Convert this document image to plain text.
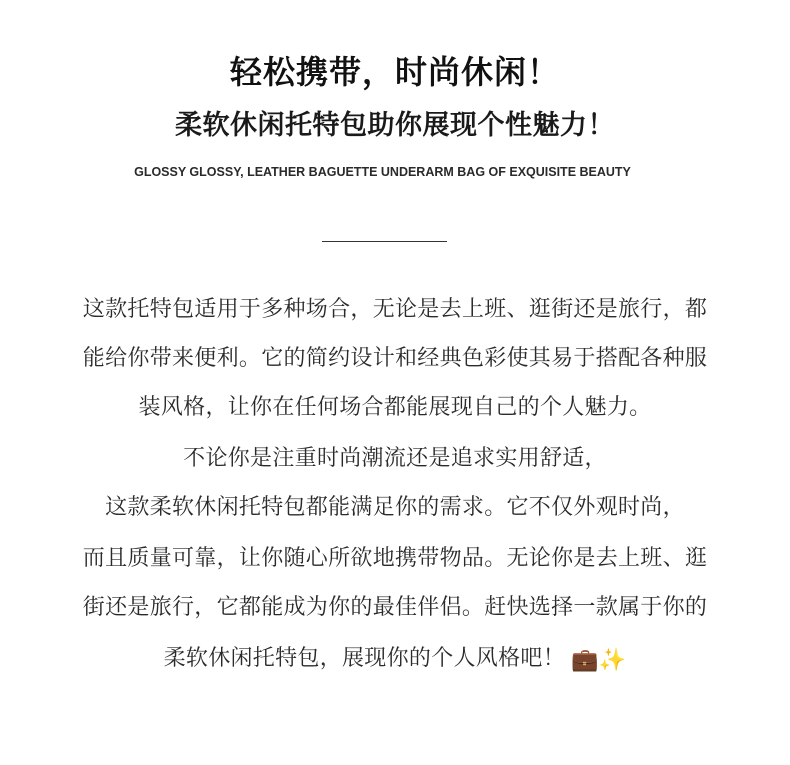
轻松携带，时尚休闲！
柔软休闲托特包助你展现个性魅力！
GLOSSY GLOSSY, LEATHER BAGUETTE UNDERARM BAG OF EXQUISITE BEAUTY
这款托特包适用于多种场合，无论是去上班、逛街还是旅行，都
能给你带来便利。它的简约设计和经典色彩使其易于搭配各种服
装风格，让你在任何场合都能展现自己的个人魅力。
不论你是注重时尚潮流还是追求实用舒适，
这款柔软休闲托特包都能满足你的需求。它不仅外观时尚，
而且质量可靠，让你随心所欲地携带物品。无论你是去上班、逛
街还是旅行，它都能成为你的最佳伴侣。赶快选择一款属于你的
柔软休闲托特包，展现你的个人风格吧！ 💼✨
